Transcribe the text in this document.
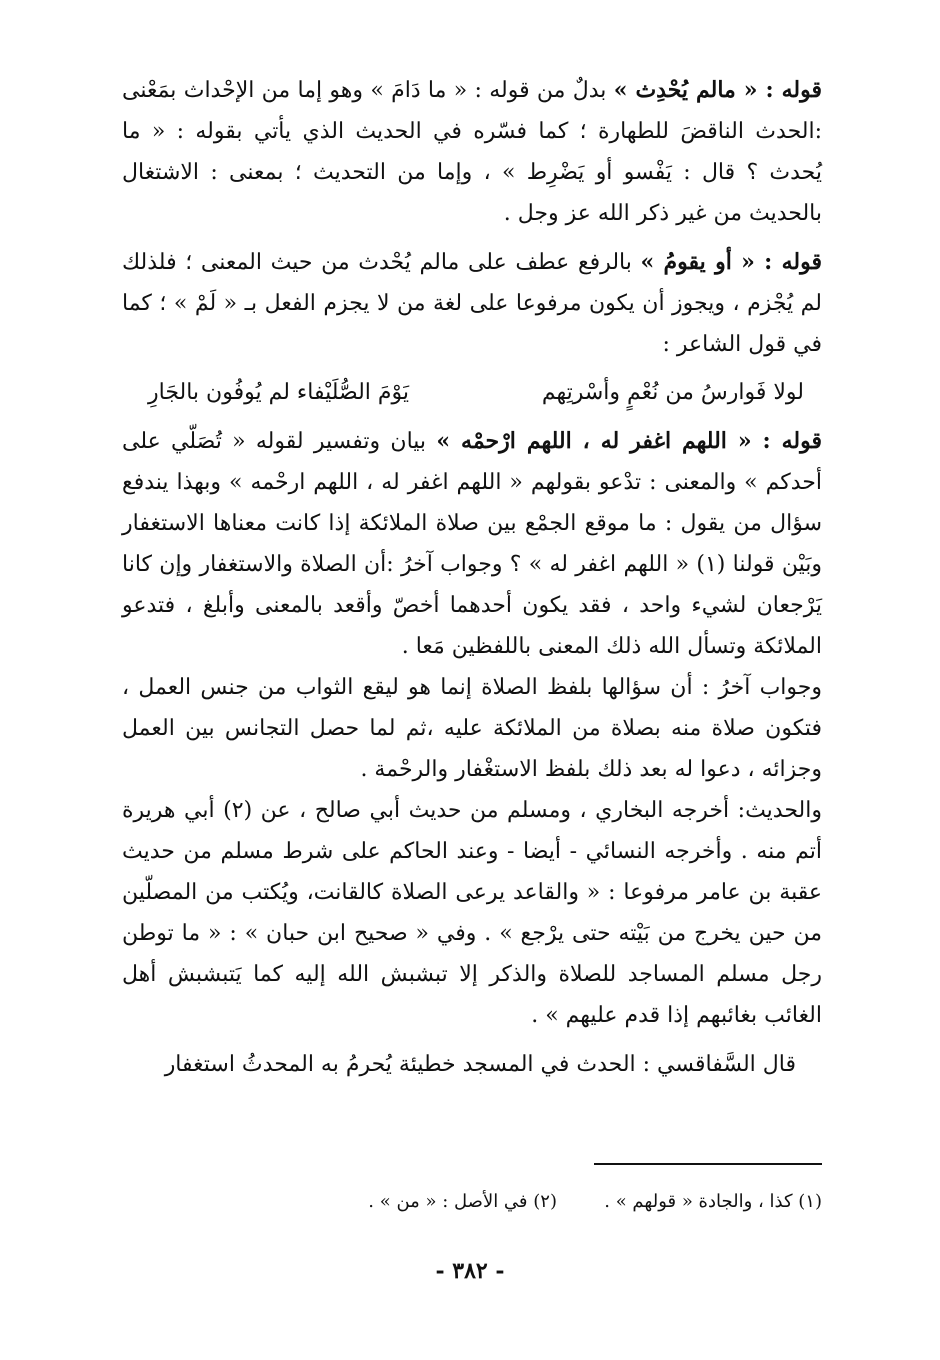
قوله : « مالم يُحْدِث » بدلٌ من قوله : « ما دَامَ » وهو إما من الإحْداث بمَعْنى :الحدث الناقضَ للطهارة ؛ كما فسّره في الحديث الذي يأتي بقوله : « ما يُحدث ؟ قال : يَفْسو أو يَضْرِط » ، وإما من التحديث ؛ بمعنى : الاشتغال بالحديث من غير ذكر الله عز وجل .

قوله : « أو يقومُ » بالرفع عطف على مالم يُحْدث من حيث المعنى ؛ فلذلك لم يُجْزم ، ويجوز أن يكون مرفوعا على لغة من لا يجزم الفعل بـ « لَمْ » ؛ كما في قول الشاعر :

لولا فَوارسُ من نُعْمٍ وأسْرتِهم
يَوْمَ الصُّلَيْفاء لم يُوفُون بالجَارِ

قوله : « اللهم اغفر له ، اللهم ارْحمْه » بيان وتفسير لقوله « تُصَلّي على أحدكم » والمعنى : تدْعو بقولهم « اللهم اغفر له ، اللهم ارحْمه » وبهذا يندفع سؤال من يقول : ما موقع الجمْع بين صلاة الملائكة إذا كانت معناها الاستغفار وبَيْن قولنا (١) « اللهم اغفر له » ؟ وجواب آخرُ :أن الصلاة والاستغفار وإن كانا يَرْجعان لشيء واحد ، فقد يكون أحدهما أخصّ وأقعد بالمعنى وأبلغ ، فتدعو الملائكة وتسأل الله ذلك المعنى باللفظين مَعا .

وجواب آخرُ : أن سؤالها بلفظ الصلاة إنما هو ليقع الثواب من جنس العمل ، فتكون صلاة منه بصلاة من الملائكة عليه ،ثم لما حصل التجانس بين العمل وجزائه ، دعوا له بعد ذلك بلفظ الاستغْفار والرحْمة .

والحديث: أخرجه البخاري ، ومسلم من حديث أبي صالح ، عن (٢) أبي هريرة أتم منه . وأخرجه النسائي - أيضا - وعند الحاكم على شرط مسلم من حديث عقبة بن عامر مرفوعا : « والقاعد يرعى الصلاة كالقانت، ويُكتب من المصلّين من حين يخرج من بَيْته حتى يرْجع » . وفي « صحيح ابن حبان » : « ما توطن رجل مسلم المساجد للصلاة والذكر إلا تبشبش الله إليه كما يَتبشبش أهل الغائب بغائبهم إذا قدم عليهم » .

قال السَّفاقسي : الحدث في المسجد خطيئة يُحرمُ به المحدثُ استغفار

(١) كذا ، والجادة « قولهم » .
(٢) في الأصل : « من » .
- ٣٨٢ -
